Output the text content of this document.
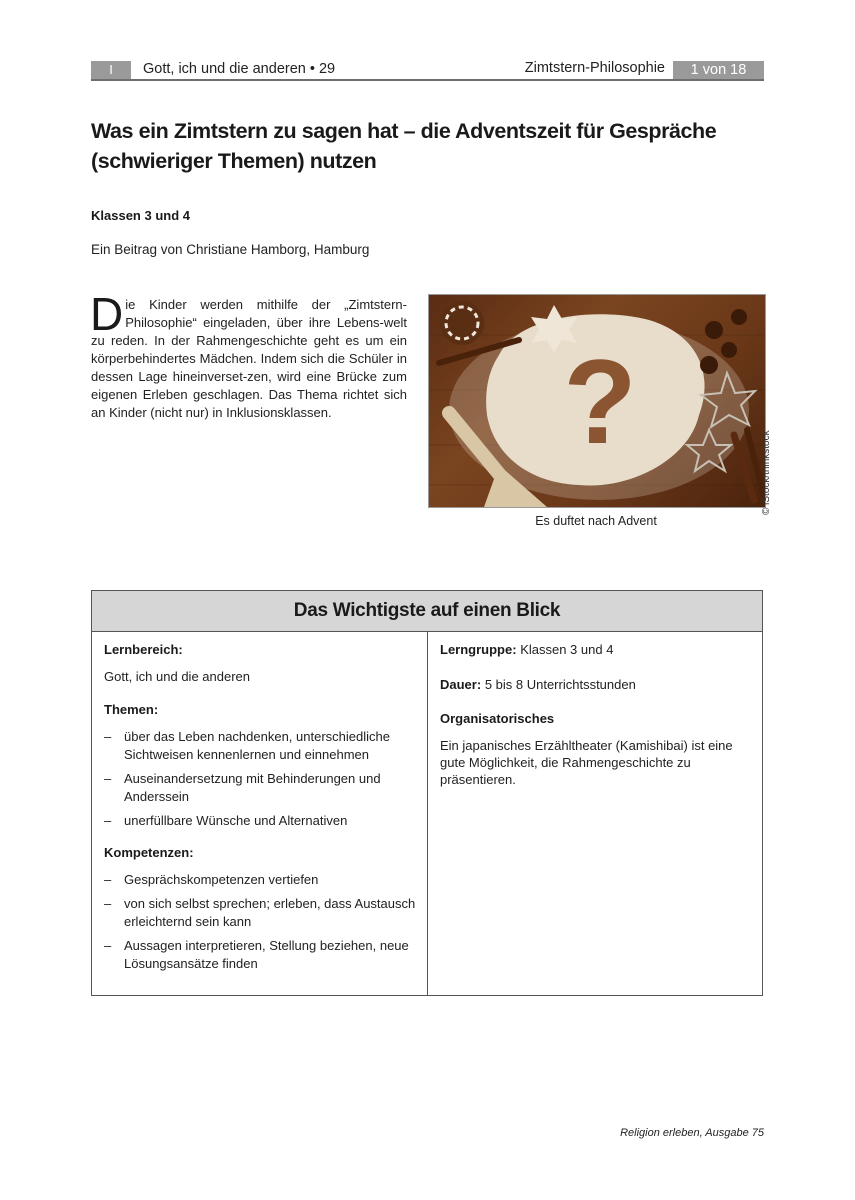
I	Gott, ich und die anderen • 29	Zimtstern-Philosophie	1 von 18
Was ein Zimtstern zu sagen hat – die Adventszeit für Gespräche (schwieriger Themen) nutzen
Klassen 3 und 4
Ein Beitrag von Christiane Hamborg, Hamburg
Die Kinder werden mithilfe der „Zimtstern-Philosophie“ eingeladen, über ihre Lebens-welt zu reden. In der Rahmengeschichte geht es um ein körperbehindertes Mädchen. Indem sich die Schüler in dessen Lage hineinverset-zen, wird eine Brücke zum eigenen Erleben geschlagen. Das Thema richtet sich an Kinder (nicht nur) in Inklusionsklassen.	?
© iStock/thinkstock
Es duftet nach Advent
Das Wichtigste auf einen Blick
Lernbereich:
Gott, ich und die anderen
Themen:
– über das Leben nachdenken, unterschiedliche Sichtweisen kennenlernen und einnehmen
– Auseinandersetzung mit Behinderungen und Anderssein
– unerfüllbare Wünsche und Alternativen
Kompetenzen:
– Gesprächskompetenzen vertiefen
– von sich selbst sprechen; erleben, dass Austausch erleichternd sein kann
– Aussagen interpretieren, Stellung beziehen, neue Lösungsansätze finden
Lerngruppe: Klassen 3 und 4
Dauer: 5 bis 8 Unterrichtsstunden
Organisatorisches
Ein japanisches Erzähltheater (Kamishibai) ist eine gute Möglichkeit, die Rahmengeschichte zu präsentieren.
Religion erleben, Ausgabe 75
